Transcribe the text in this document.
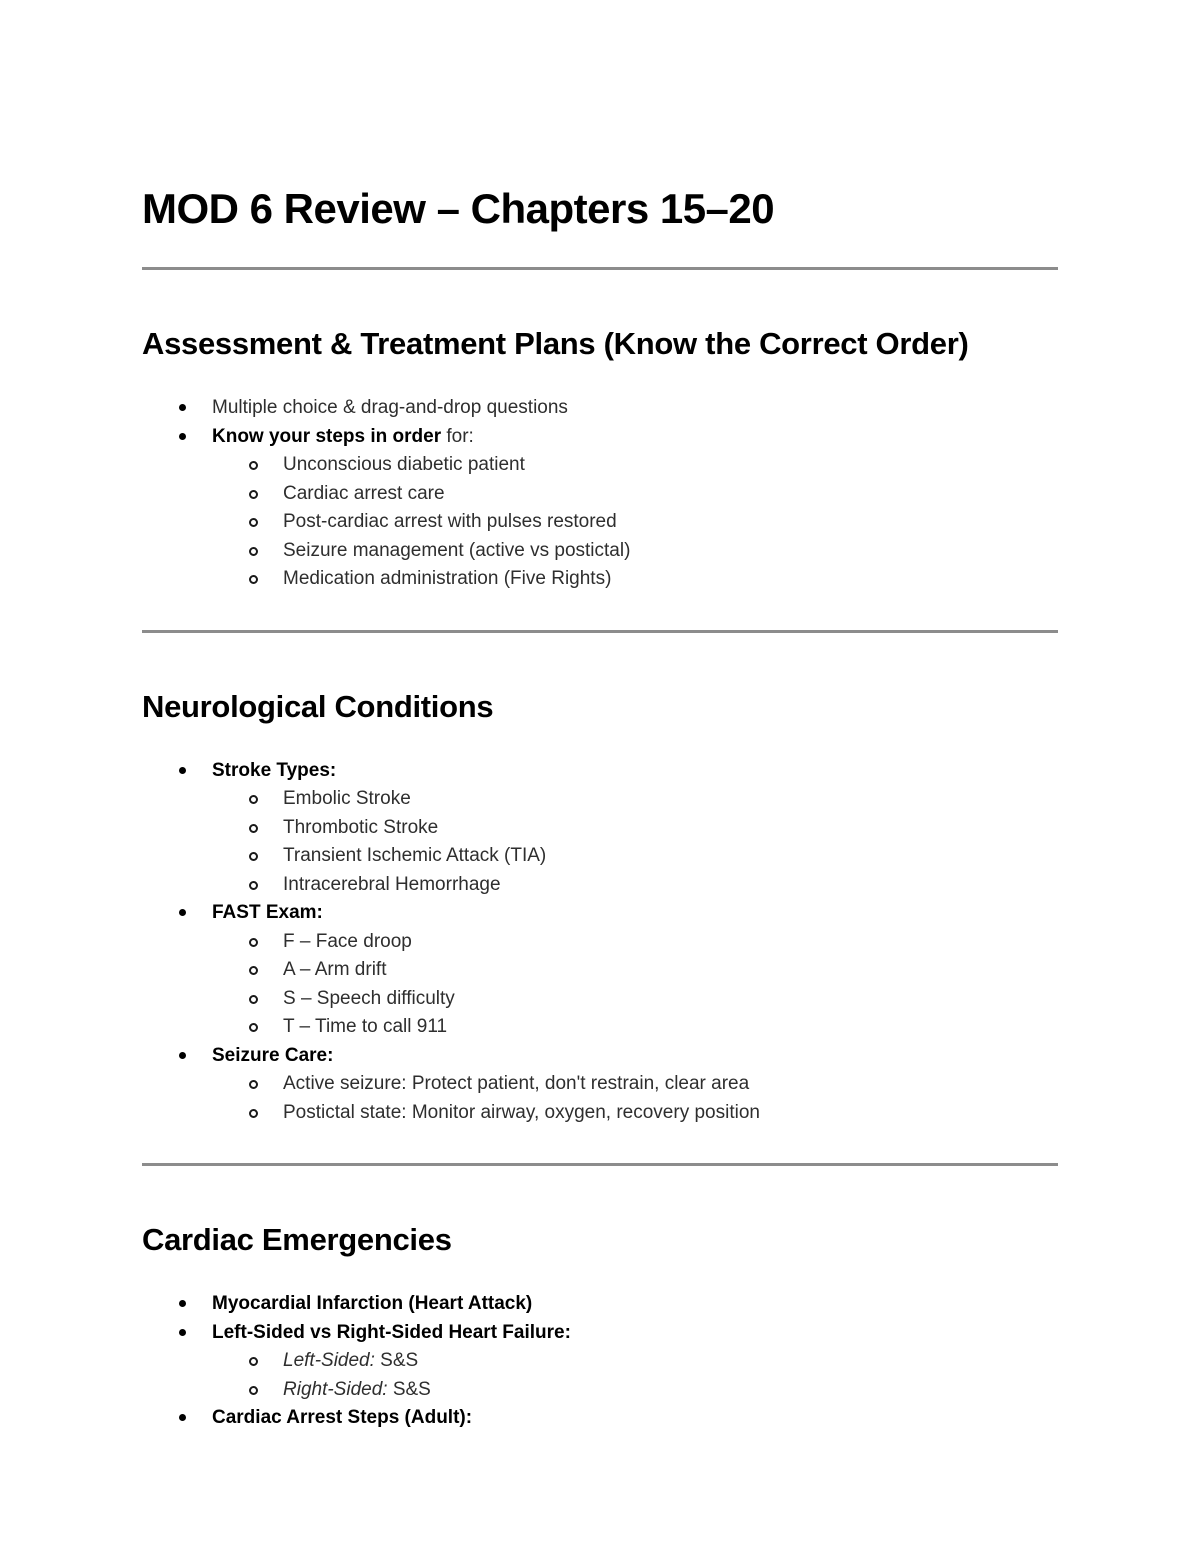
MOD 6 Review – Chapters 15–20
Assessment & Treatment Plans (Know the Correct Order)
Multiple choice & drag-and-drop questions
Know your steps in order for:
Unconscious diabetic patient
Cardiac arrest care
Post-cardiac arrest with pulses restored
Seizure management (active vs postictal)
Medication administration (Five Rights)
Neurological Conditions
Stroke Types:
Embolic Stroke
Thrombotic Stroke
Transient Ischemic Attack (TIA)
Intracerebral Hemorrhage
FAST Exam:
F – Face droop
A – Arm drift
S – Speech difficulty
T – Time to call 911
Seizure Care:
Active seizure: Protect patient, don't restrain, clear area
Postictal state: Monitor airway, oxygen, recovery position
Cardiac Emergencies
Myocardial Infarction (Heart Attack)
Left-Sided vs Right-Sided Heart Failure:
Left-Sided: S&S
Right-Sided: S&S
Cardiac Arrest Steps (Adult):
